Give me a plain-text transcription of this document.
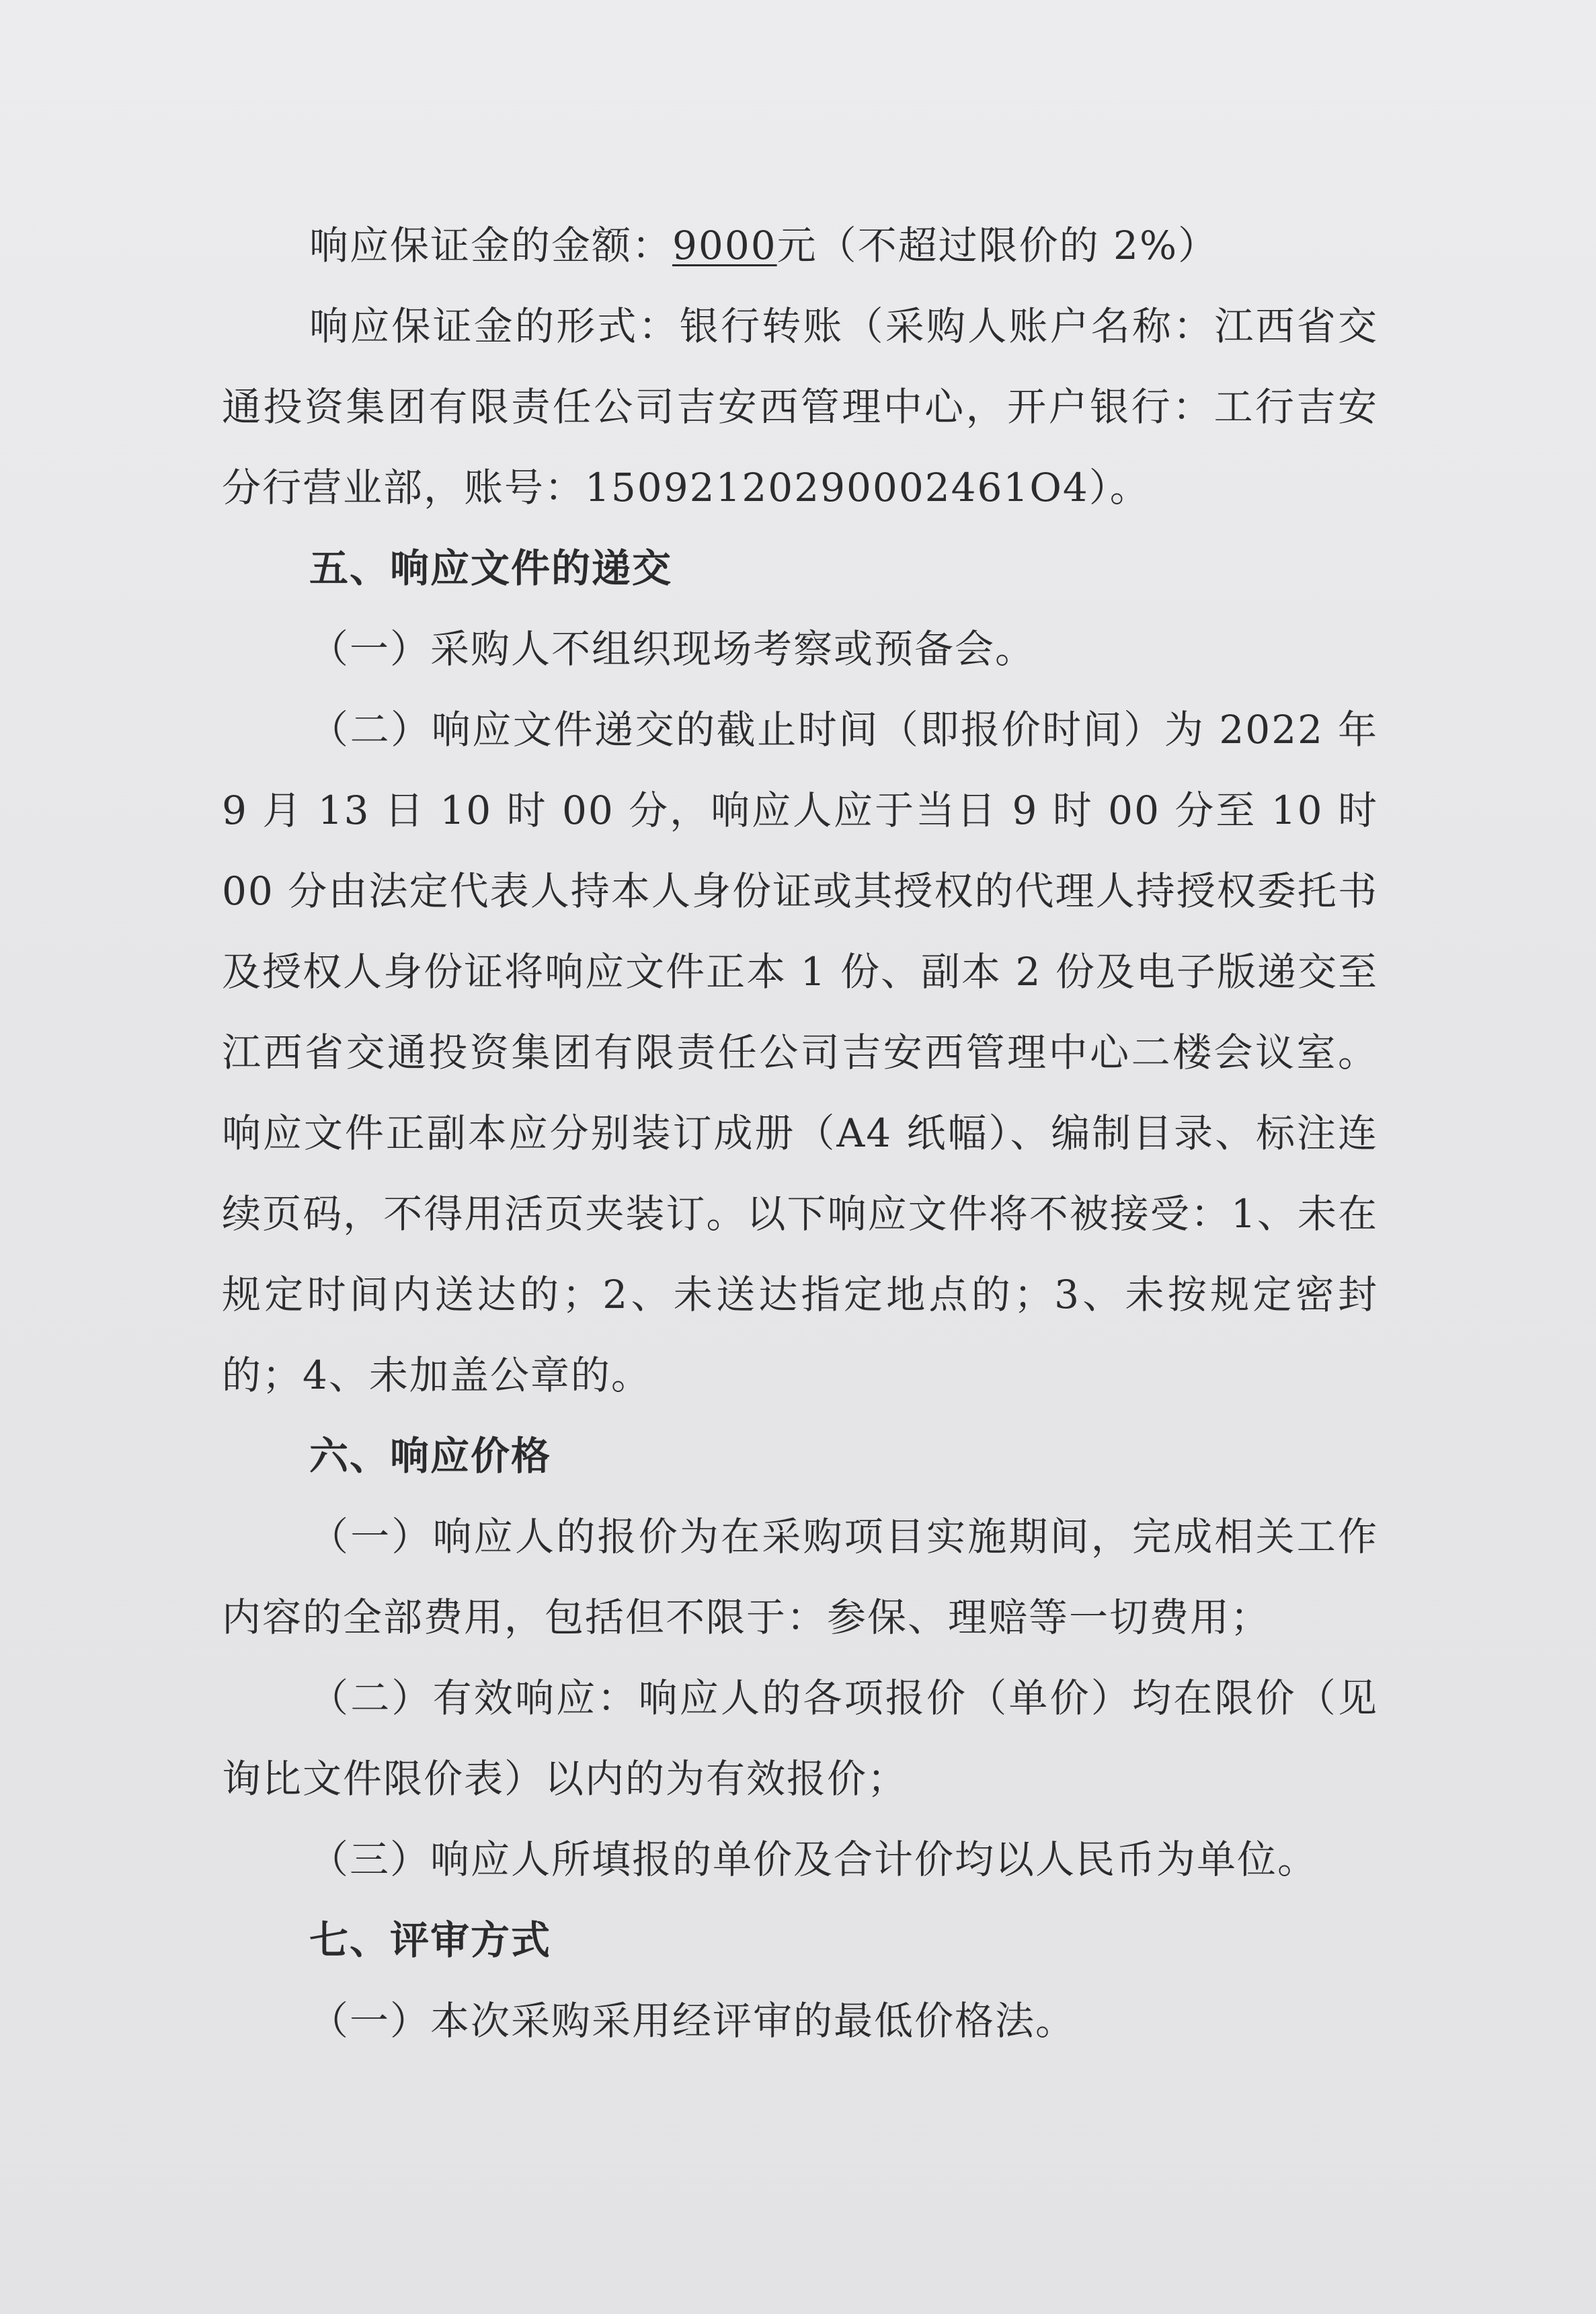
响应保证金的金额：9000元（不超过限价的 2%）

响应保证金的形式：银行转账（采购人账户名称：江西省交通投资集团有限责任公司吉安西管理中心，开户银行：工行吉安分行营业部，账号：15092120290002461O4）。

五、响应文件的递交

（一）采购人不组织现场考察或预备会。

（二）响应文件递交的截止时间（即报价时间）为 2022 年 9 月 13 日 10 时 00 分，响应人应于当日 9 时 00 分至 10 时 00 分由法定代表人持本人身份证或其授权的代理人持授权委托书及授权人身份证将响应文件正本 1 份、副本 2 份及电子版递交至江西省交通投资集团有限责任公司吉安西管理中心二楼会议室。响应文件正副本应分别装订成册（A4 纸幅）、编制目录、标注连续页码，不得用活页夹装订。以下响应文件将不被接受：1、未在规定时间内送达的；2、未送达指定地点的；3、未按规定密封的；4、未加盖公章的。

六、响应价格

（一）响应人的报价为在采购项目实施期间，完成相关工作内容的全部费用，包括但不限于：参保、理赔等一切费用；

（二）有效响应：响应人的各项报价（单价）均在限价（见询比文件限价表）以内的为有效报价；

（三）响应人所填报的单价及合计价均以人民币为单位。

七、评审方式

（一）本次采购采用经评审的最低价格法。
